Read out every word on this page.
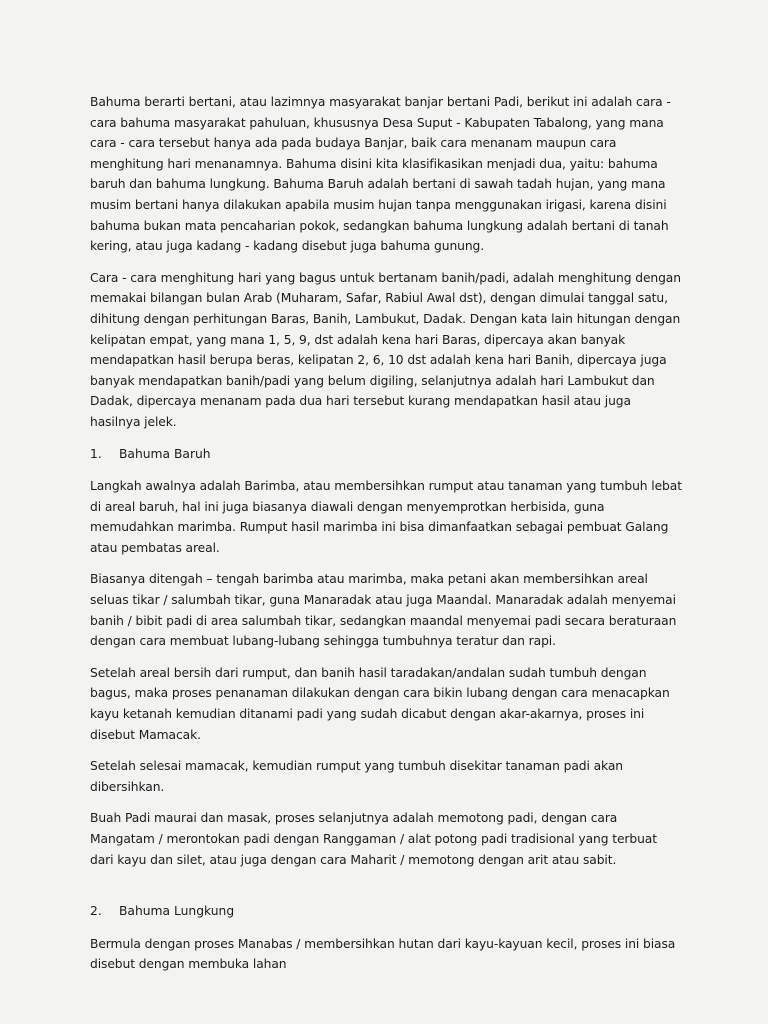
Bahuma berarti bertani, atau lazimnya masyarakat banjar bertani Padi, berikut ini adalah cara - cara bahuma masyarakat pahuluan, khususnya Desa Suput - Kabupaten Tabalong, yang mana cara - cara tersebut hanya ada pada budaya Banjar, baik cara menanam maupun cara menghitung hari menanamnya. Bahuma disini kita klasifikasikan menjadi dua, yaitu: bahuma baruh dan bahuma lungkung. Bahuma Baruh adalah bertani di sawah tadah hujan, yang mana musim bertani hanya dilakukan apabila musim hujan tanpa menggunakan irigasi, karena disini bahuma bukan mata pencaharian pokok, sedangkan bahuma lungkung adalah bertani di tanah kering, atau juga kadang - kadang disebut juga bahuma gunung.

Cara - cara menghitung hari yang bagus untuk bertanam banih/padi, adalah menghitung dengan memakai bilangan bulan Arab (Muharam, Safar, Rabiul Awal dst), dengan dimulai tanggal satu, dihitung dengan perhitungan Baras, Banih, Lambukut, Dadak. Dengan kata lain hitungan dengan kelipatan empat, yang mana 1, 5, 9, dst adalah kena hari Baras, dipercaya akan banyak mendapatkan hasil berupa beras, kelipatan 2, 6, 10 dst adalah kena hari Banih, dipercaya juga banyak mendapatkan banih/padi yang belum digiling, selanjutnya adalah hari Lambukut dan Dadak, dipercaya menanam pada dua hari tersebut kurang mendapatkan hasil atau juga hasilnya jelek.

1.	Bahuma Baruh

Langkah awalnya adalah Barimba, atau membersihkan rumput atau tanaman yang tumbuh lebat di areal baruh, hal ini juga biasanya diawali dengan menyemprotkan herbisida, guna memudahkan marimba. Rumput hasil marimba ini bisa dimanfaatkan sebagai pembuat Galang atau pembatas areal.

Biasanya ditengah – tengah barimba atau marimba, maka petani akan membersihkan areal seluas tikar / salumbah tikar, guna Manaradak atau juga Maandal. Manaradak adalah menyemai banih / bibit padi di area salumbah tikar, sedangkan maandal menyemai padi secara beraturaan dengan cara membuat lubang-lubang sehingga tumbuhnya teratur dan rapi.

Setelah areal bersih dari rumput, dan banih hasil taradakan/andalan sudah tumbuh dengan bagus, maka proses penanaman dilakukan dengan cara bikin lubang dengan cara menacapkan kayu ketanah kemudian ditanami padi yang sudah dicabut dengan akar-akarnya, proses ini disebut Mamacak.

Setelah selesai mamacak, kemudian rumput yang tumbuh disekitar tanaman padi akan dibersihkan.

Buah Padi maurai dan masak, proses selanjutnya adalah memotong padi, dengan cara Mangatam / merontokan padi dengan Ranggaman / alat potong padi tradisional yang terbuat dari kayu dan silet, atau juga dengan cara Maharit / memotong dengan arit atau sabit.

2.	Bahuma Lungkung

Bermula dengan proses Manabas / membersihkan hutan dari kayu-kayuan kecil, proses ini biasa disebut dengan membuka lahan
